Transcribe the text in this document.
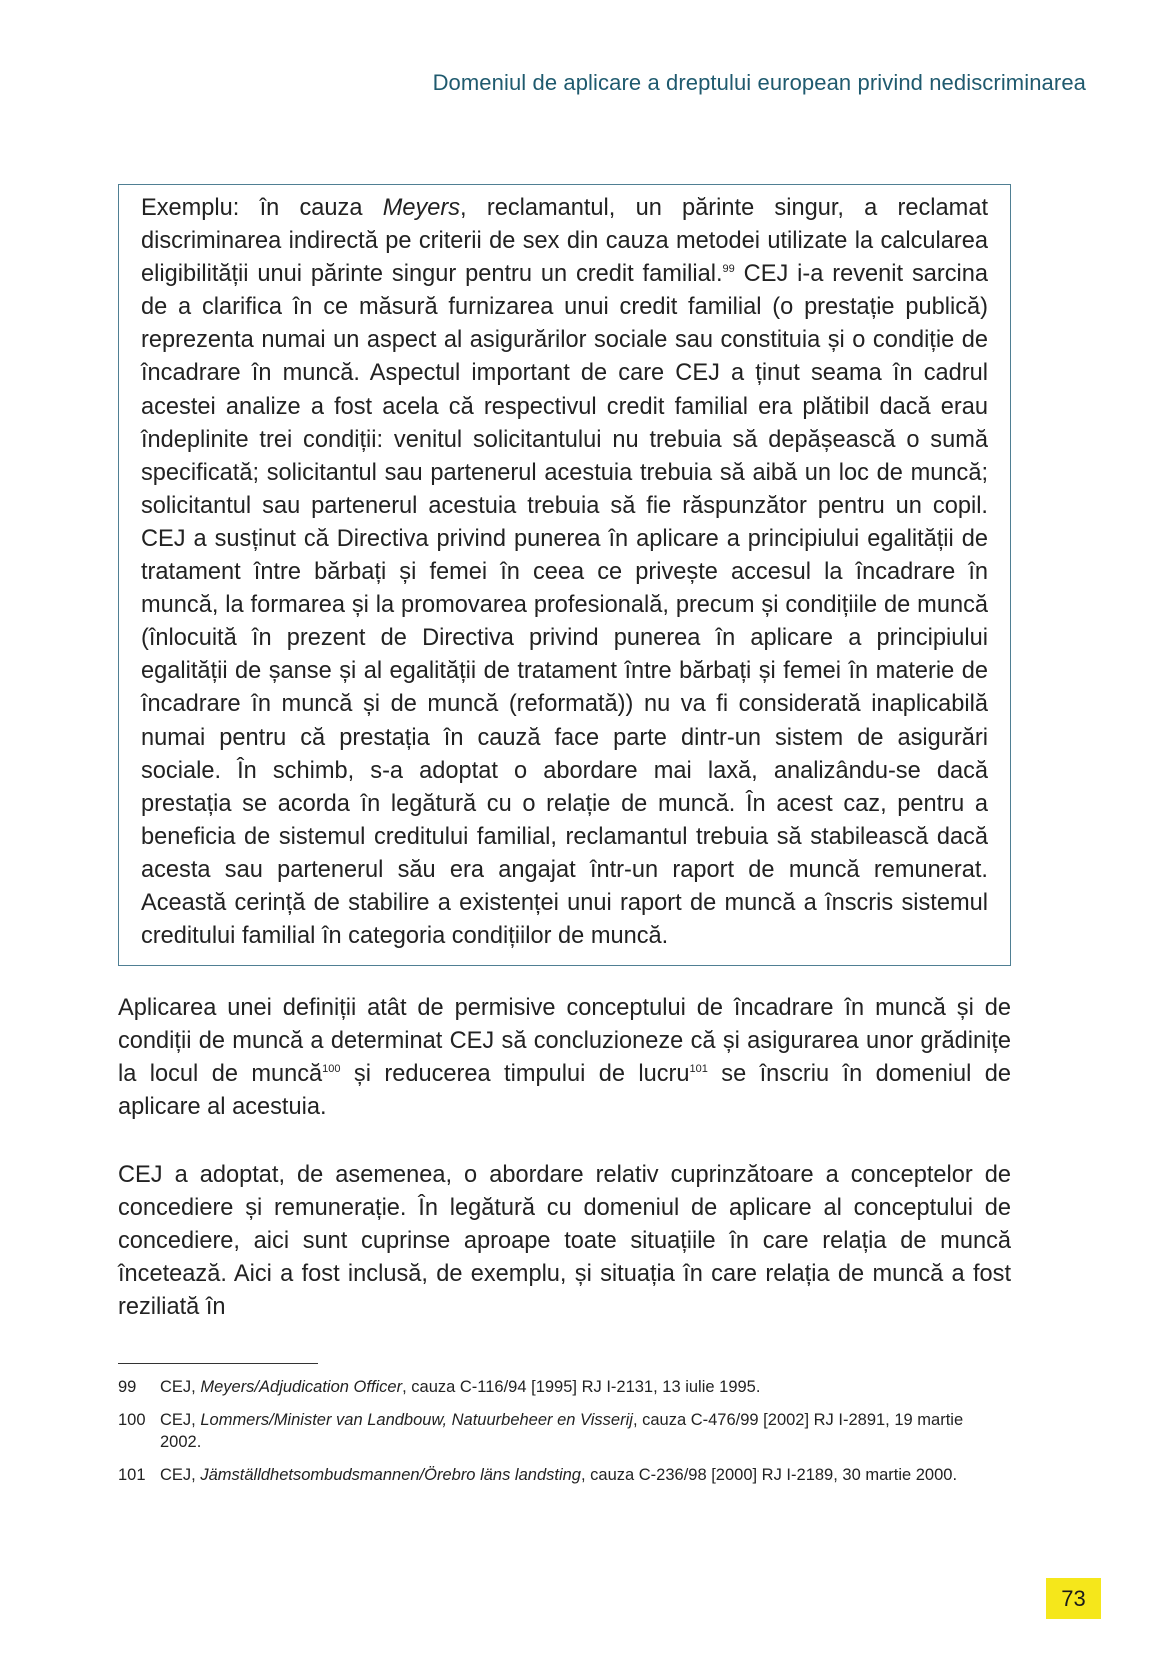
Domeniul de aplicare a dreptului european privind nediscriminarea

Exemplu: în cauza Meyers, reclamantul, un părinte singur, a reclamat discriminarea indirectă pe criterii de sex din cauza metodei utilizate la calcularea eligibilității unui părinte singur pentru un credit familial.$^{99}$ CEJ i-a revenit sarcina de a clarifica în ce măsură furnizarea unui credit familial (o prestație publică) reprezenta numai un aspect al asigurărilor sociale sau constituia și o condiție de încadrare în muncă. Aspectul important de care CEJ a ținut seama în cadrul acestei analize a fost acela că respectivul credit familial era plătibil dacă erau îndeplinite trei condiții: venitul solicitantului nu trebuia să depășească o sumă specificată; solicitantul sau partenerul acestuia trebuia să aibă un loc de muncă; solicitantul sau partenerul acestuia trebuia să fie răspunzător pentru un copil. CEJ a susținut că Directiva privind punerea în aplicare a principiului egalității de tratament între bărbați și femei în ceea ce privește accesul la încadrare în muncă, la formarea și la promovarea profesională, precum și condițiile de muncă (înlocuită în prezent de Directiva privind punerea în aplicare a principiului egalității de șanse și al egalității de tratament între bărbați și femei în materie de încadrare în muncă și de muncă (reformată)) nu va fi considerată inaplicabilă numai pentru că prestația în cauză face parte dintr-un sistem de asigurări sociale. În schimb, s-a adoptat o abordare mai laxă, analizându-se dacă prestația se acorda în legătură cu o relație de muncă. În acest caz, pentru a beneficia de sistemul creditului familial, reclamantul trebuia să stabilească dacă acesta sau partenerul său era angajat într-un raport de muncă remunerat. Această cerință de stabilire a existenței unui raport de muncă a înscris sistemul creditului familial în categoria condițiilor de muncă.

Aplicarea unei definiții atât de permisive conceptului de încadrare în muncă și de condiții de muncă a determinat CEJ să concluzioneze că și asigurarea unor grădinițe la locul de muncă$^{100}$ și reducerea timpului de lucru$^{101}$ se înscriu în domeniul de aplicare al acestuia.

CEJ a adoptat, de asemenea, o abordare relativ cuprinzătoare a conceptelor de concediere și remunerație. În legătură cu domeniul de aplicare al conceptului de concediere, aici sunt cuprinse aproape toate situațiile în care relația de muncă încetează. Aici a fost inclusă, de exemplu, și situația în care relația de muncă a fost reziliată în

99	CEJ, Meyers/Adjudication Officer, cauza C-116/94 [1995] RJ I-2131, 13 iulie 1995.
100 CEJ, Lommers/Minister van Landbouw, Natuurbeheer en Visserij, cauza C-476/99 [2002] RJ I-2891, 19 martie 2002.
101 CEJ, Jämställdhetsombudsmannen/Örebro läns landsting, cauza C-236/98 [2000] RJ I-2189, 30 martie 2000.
73
